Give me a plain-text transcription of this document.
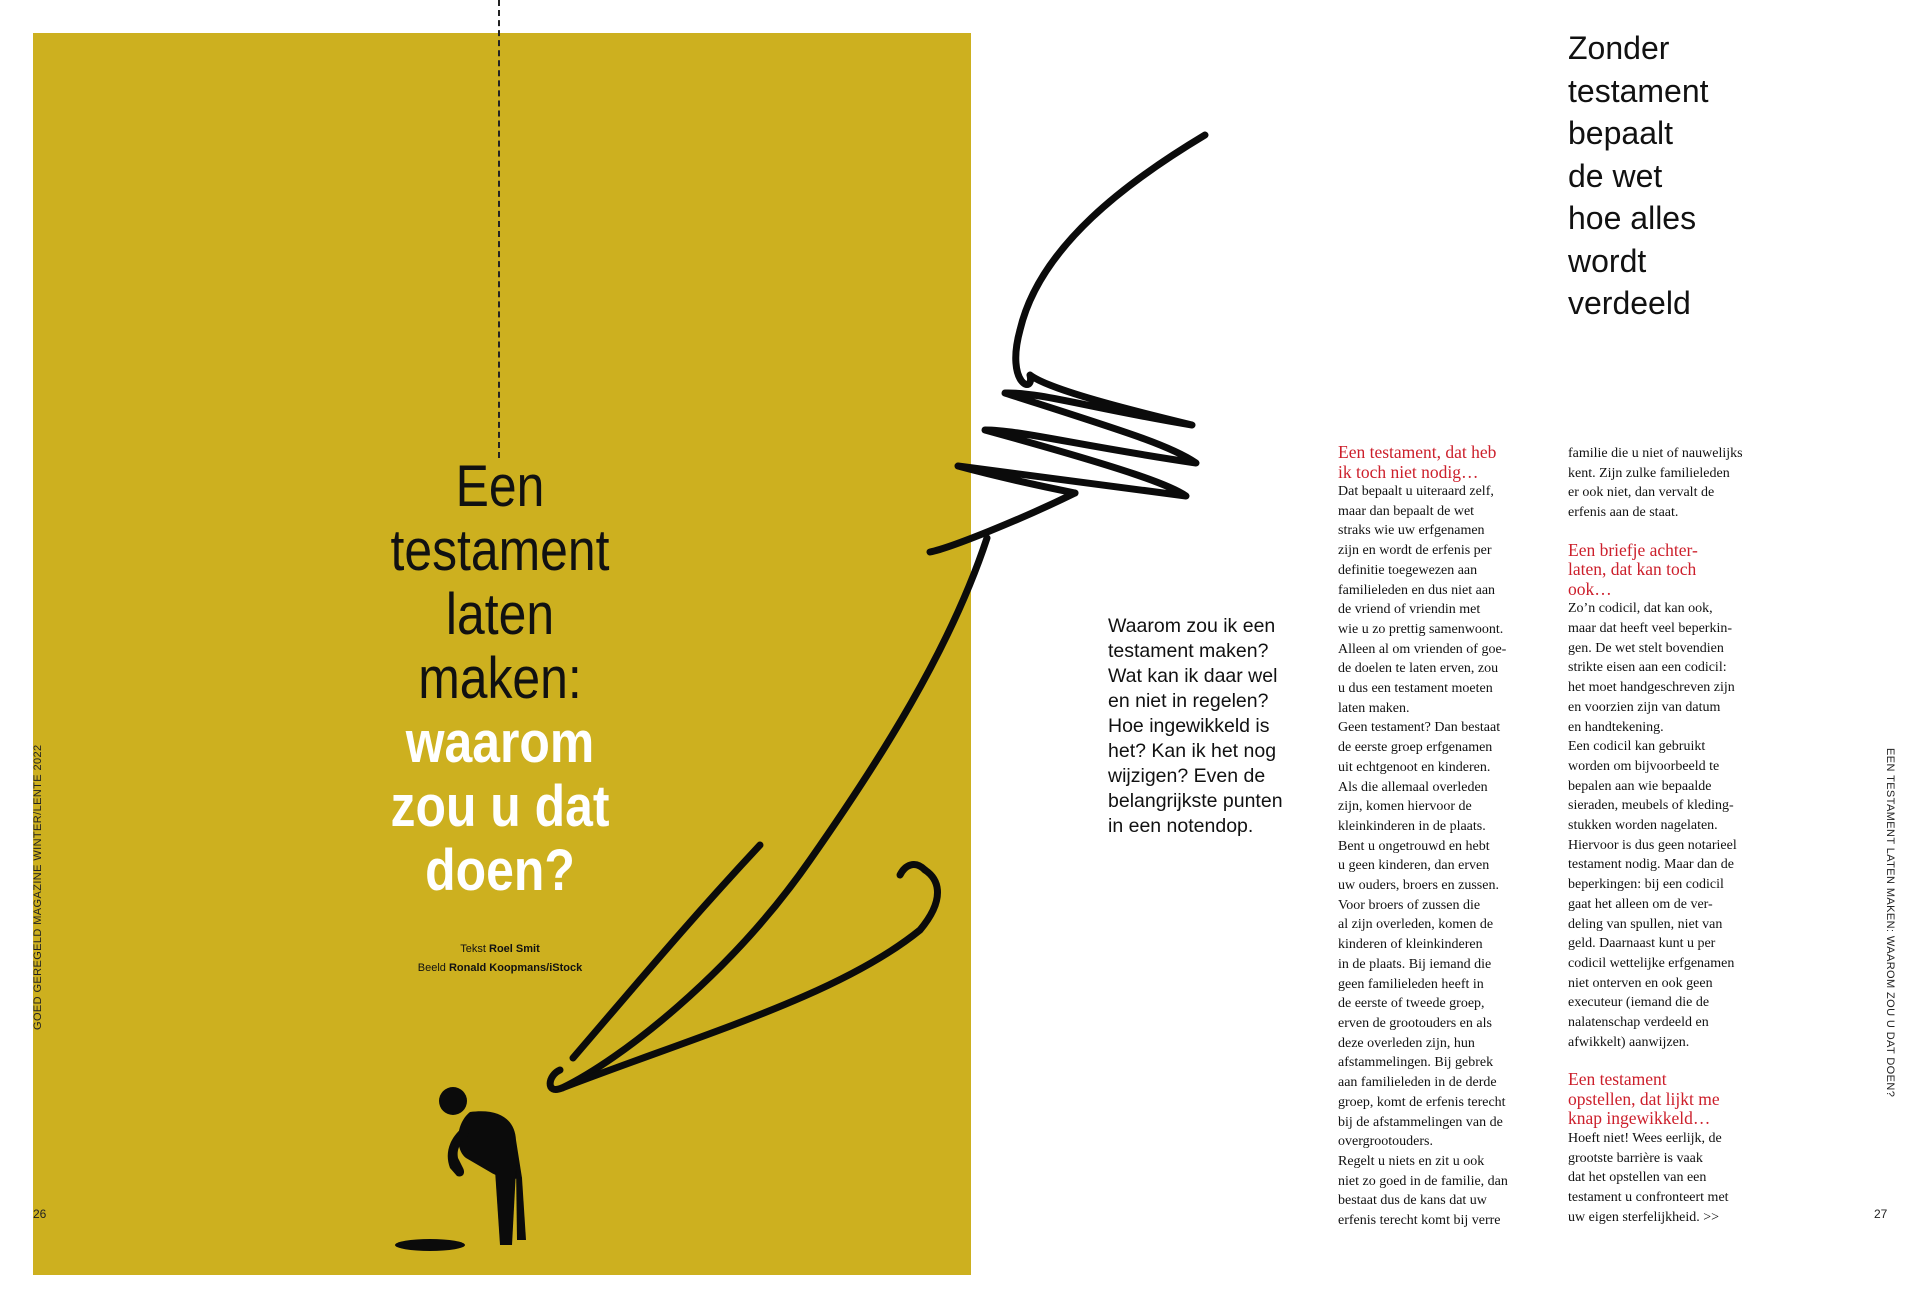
Een
testament
laten
maken:
waarom
zou u dat
doen?
Tekst Roel Smit
Beeld Ronald Koopmans/iStock
GOED GEREGELD MAGAZINE WINTER/LENTE 2022
26
Zonder
testament
bepaalt
de wet
hoe alles
wordt
verdeeld
Waarom zou ik een
testament maken?
Wat kan ik daar wel
en niet in regelen?
Hoe ingewikkeld is
het? Kan ik het nog
wijzigen? Even de
belangrijkste punten
in een notendop.
Een testament, dat heb
ik toch niet nodig…

Dat bepaalt u uiteraard zelf,

maar dan bepaalt de wet

straks wie uw erfgenamen

zijn en wordt de erfenis per

definitie toegewezen aan

familieleden en dus niet aan

de vriend of vriendin met

wie u zo prettig samenwoont.

Alleen al om vrienden of goe-

de doelen te laten erven, zou

u dus een testament moeten

laten maken.

Geen testament? Dan bestaat

de eerste groep erfgenamen

uit echtgenoot en kinderen.

Als die allemaal overleden

zijn, komen hiervoor de

kleinkinderen in de plaats.

Bent u ongetrouwd en hebt

u geen kinderen, dan erven

uw ouders, broers en zussen.

Voor broers of zussen die

al zijn overleden, komen de

kinderen of kleinkinderen

in de plaats. Bij iemand die

geen familieleden heeft in

de eerste of tweede groep,

erven de grootouders en als

deze overleden zijn, hun

afstammelingen. Bij gebrek

aan familieleden in de derde

groep, komt de erfenis terecht

bij de afstammelingen van de

overgrootouders.

Regelt u niets en zit u ook

niet zo goed in de familie, dan

bestaat dus de kans dat uw

erfenis terecht komt bij verre

familie die u niet of nauwelijks

kent. Zijn zulke familieleden

er ook niet, dan vervalt de

erfenis aan de staat.

Een briefje achter-
laten, dat kan toch
ook…

Zo’n codicil, dat kan ook,

maar dat heeft veel beperkin-

gen. De wet stelt bovendien

strikte eisen aan een codicil:

het moet handgeschreven zijn

en voorzien zijn van datum

en handtekening.

Een codicil kan gebruikt

worden om bijvoorbeeld te

bepalen aan wie bepaalde

sieraden, meubels of kleding-

stukken worden nagelaten.

Hiervoor is dus geen notarieel

testament nodig. Maar dan de

beperkingen: bij een codicil

gaat het alleen om de ver-

deling van spullen, niet van

geld. Daarnaast kunt u per

codicil wettelijke erfgenamen

niet onterven en ook geen

executeur (iemand die de

nalatenschap verdeeld en

afwikkelt) aanwijzen.

Een testament
opstellen, dat lijkt me
knap ingewikkeld…

Hoeft niet! Wees eerlijk, de

grootste barrière is vaak

dat het opstellen van een

testament u confronteert met

uw eigen sterfelijkheid. >>

EEN TESTAMENT LATEN MAKEN: WAAROM ZOU U DAT DOEN?
27
